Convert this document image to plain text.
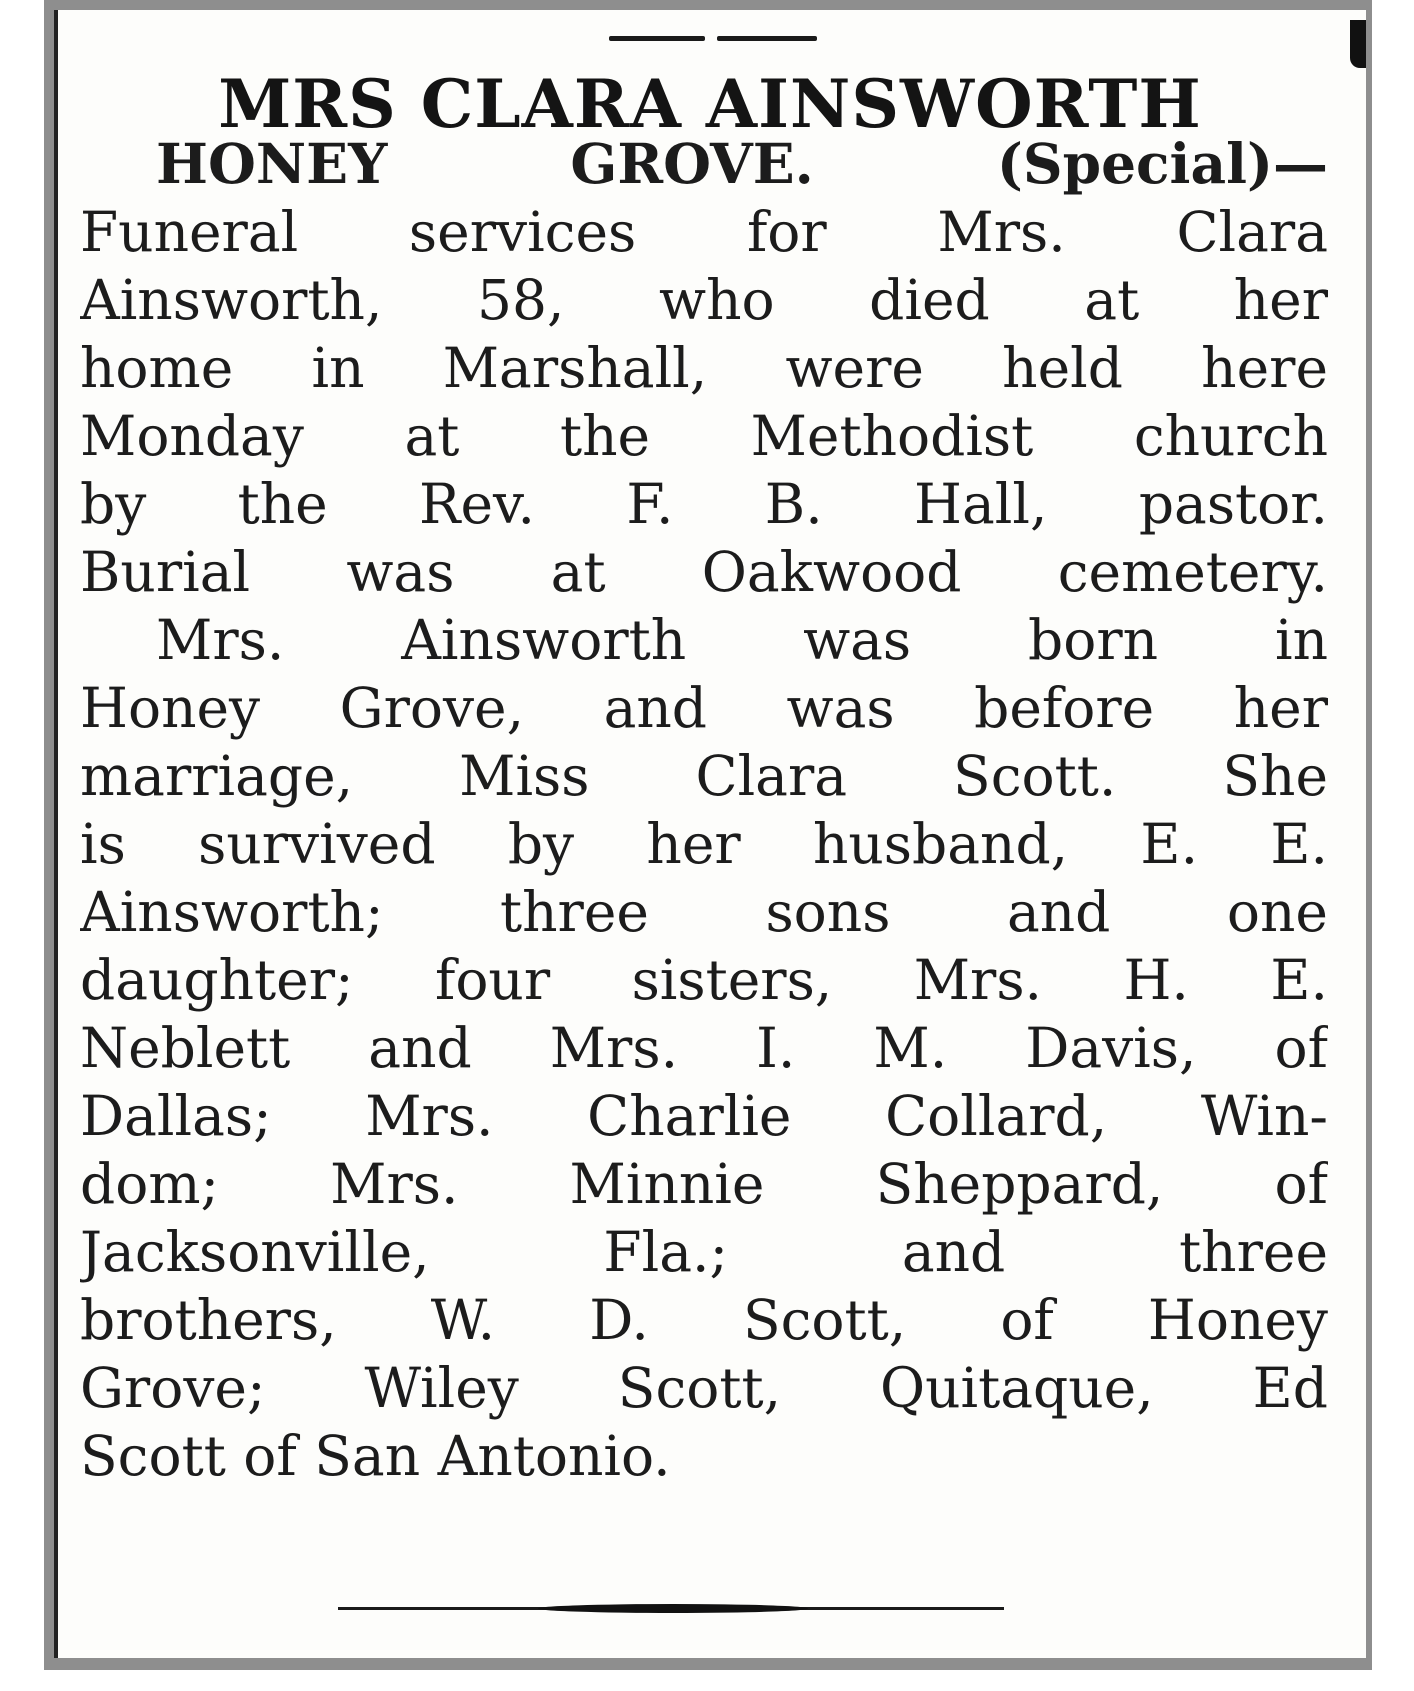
MRS CLARA AINSWORTH
HONEY GROVE. (Special)—
Funeral services for Mrs. Clara
Ainsworth, 58, who died at her
home in Marshall, were held here
Monday at the Methodist church
by the Rev. F. B. Hall, pastor.
Burial was at Oakwood cemetery.
Mrs. Ainsworth was born in
Honey Grove, and was before her
marriage, Miss Clara Scott. She
is survived by her husband, E. E.
Ainsworth; three sons and one
daughter; four sisters, Mrs. H. E.
Neblett and Mrs. I. M. Davis, of
Dallas; Mrs. Charlie Collard, Win-
dom; Mrs. Minnie Sheppard, of
Jacksonville, Fla.; and three
brothers, W. D. Scott, of Honey
Grove; Wiley Scott, Quitaque, Ed
Scott of San Antonio.
